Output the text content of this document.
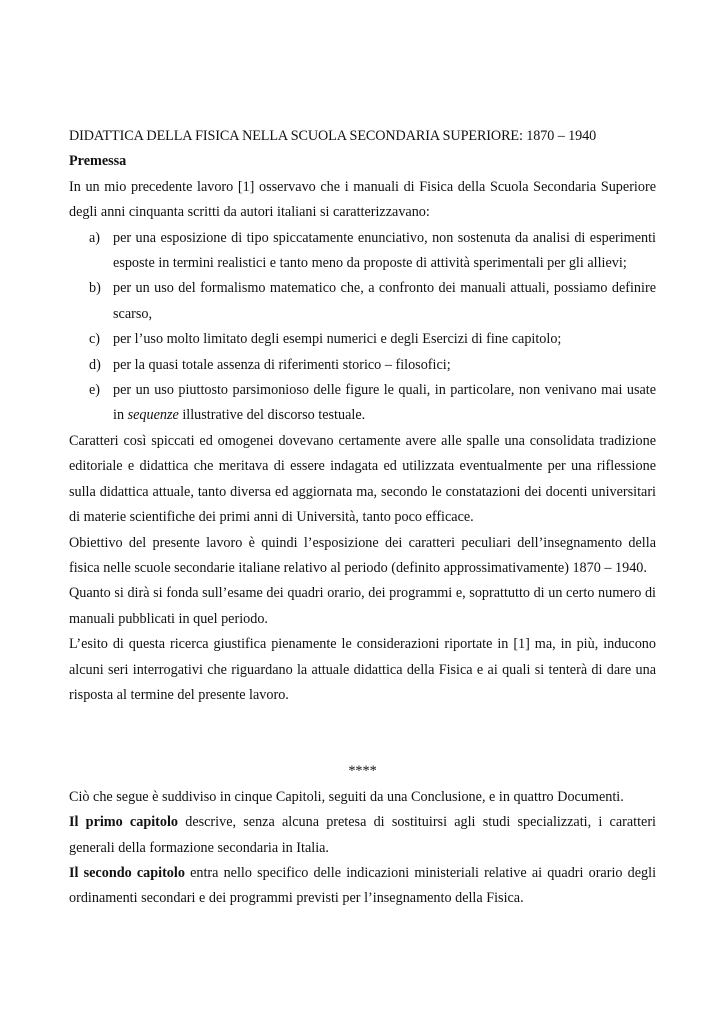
DIDATTICA DELLA FISICA NELLA SCUOLA SECONDARIA SUPERIORE: 1870 – 1940

Premessa

In un mio precedente lavoro [1] osservavo che i manuali di Fisica della Scuola Secondaria Superiore degli anni cinquanta scritti da autori italiani si caratterizzavano:

a) per una esposizione di tipo spiccatamente enunciativo, non sostenuta da analisi di esperimenti esposte in termini realistici e tanto meno da proposte di attività sperimentali per gli allievi;
b) per un uso del formalismo matematico che, a confronto dei manuali attuali, possiamo definire scarso,
c) per l’uso molto limitato degli esempi numerici e degli Esercizi di fine capitolo;
d) per la quasi totale assenza di riferimenti storico – filosofici;
e) per un uso piuttosto parsimonioso delle figure le quali, in particolare, non venivano mai usate in sequenze illustrative del discorso testuale.

Caratteri così spiccati ed omogenei dovevano certamente avere alle spalle una consolidata tradizione editoriale e didattica che meritava di essere indagata ed utilizzata eventualmente per una riflessione sulla didattica attuale, tanto diversa ed aggiornata ma, secondo le constatazioni dei docenti universitari di materie scientifiche dei primi anni di Università, tanto poco efficace.

Obiettivo del presente lavoro è quindi l’esposizione dei caratteri peculiari dell’insegnamento della fisica nelle scuole secondarie italiane relativo al periodo (definito approssimativamente) 1870 – 1940.

Quanto si dirà si fonda sull’esame dei quadri orario, dei programmi e, soprattutto di un certo numero di manuali pubblicati in quel periodo.

L’esito di questa ricerca giustifica pienamente le considerazioni riportate in [1] ma, in più, inducono alcuni seri interrogativi che riguardano la attuale didattica della Fisica e ai quali si tenterà di dare una risposta al termine del presente lavoro.

****

Ciò che segue è suddiviso in cinque Capitoli, seguiti da una Conclusione, e in quattro Documenti.

Il primo capitolo descrive, senza alcuna pretesa di sostituirsi agli studi specializzati, i caratteri generali della formazione secondaria in Italia.

Il secondo capitolo entra nello specifico delle indicazioni ministeriali relative ai quadri orario degli ordinamenti secondari e dei programmi previsti per l’insegnamento della Fisica.
